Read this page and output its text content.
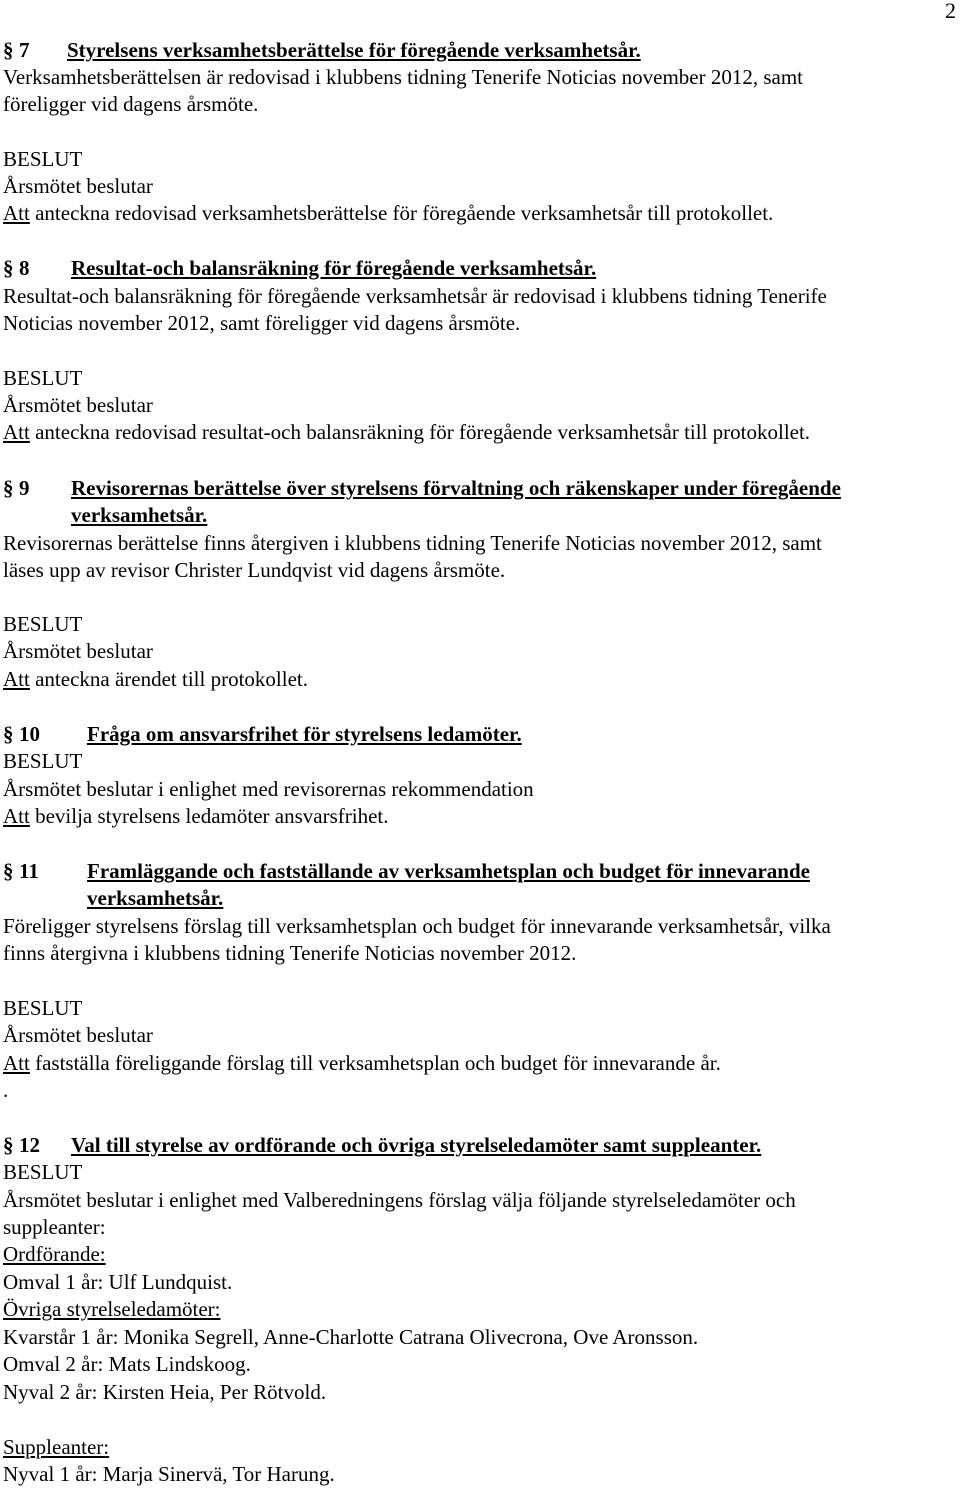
2
§ 7 Styrelsens verksamhetsberättelse för föregående verksamhetsår.
Verksamhetsberättelsen är redovisad i klubbens tidning Tenerife Noticias november 2012, samt
föreligger vid dagens årsmöte.
BESLUT
Årsmötet beslutar
Att anteckna redovisad verksamhetsberättelse för föregående verksamhetsår till protokollet.
§ 8 Resultat-och balansräkning för föregående verksamhetsår.
Resultat-och balansräkning för föregående verksamhetsår är redovisad i klubbens tidning Tenerife
Noticias november 2012, samt föreligger vid dagens årsmöte.
BESLUT
Årsmötet beslutar
Att anteckna redovisad resultat-och balansräkning för föregående verksamhetsår till protokollet.
§ 9 Revisorernas berättelse över styrelsens förvaltning och räkenskaper under föregående
verksamhetsår.
Revisorernas berättelse finns återgiven i klubbens tidning Tenerife Noticias november 2012, samt
läses upp av revisor Christer Lundqvist vid dagens årsmöte.
BESLUT
Årsmötet beslutar
Att anteckna ärendet till protokollet.
§ 10 Fråga om ansvarsfrihet för styrelsens ledamöter.
BESLUT
Årsmötet beslutar i enlighet med revisorernas rekommendation
Att bevilja styrelsens ledamöter ansvarsfrihet.
§ 11 Framläggande och fastställande av verksamhetsplan och budget för innevarande
verksamhetsår.
Föreligger styrelsens förslag till verksamhetsplan och budget för innevarande verksamhetsår, vilka
finns återgivna i klubbens tidning Tenerife Noticias november 2012.
BESLUT
Årsmötet beslutar
Att fastställa föreliggande förslag till verksamhetsplan och budget för innevarande år.
.
§ 12 Val till styrelse av ordförande och övriga styrelseledamöter samt suppleanter.
BESLUT
Årsmötet beslutar i enlighet med Valberedningens förslag välja följande styrelseledamöter och
suppleanter:
Ordförande:
Omval 1 år: Ulf Lundquist.
Övriga styrelseledamöter:
Kvarstår 1 år: Monika Segrell, Anne-Charlotte Catrana Olivecrona, Ove Aronsson.
Omval 2 år: Mats Lindskoog.
Nyval 2 år: Kirsten Heia, Per Rötvold.
Suppleanter:
Nyval 1 år: Marja Sinervä, Tor Harung.
